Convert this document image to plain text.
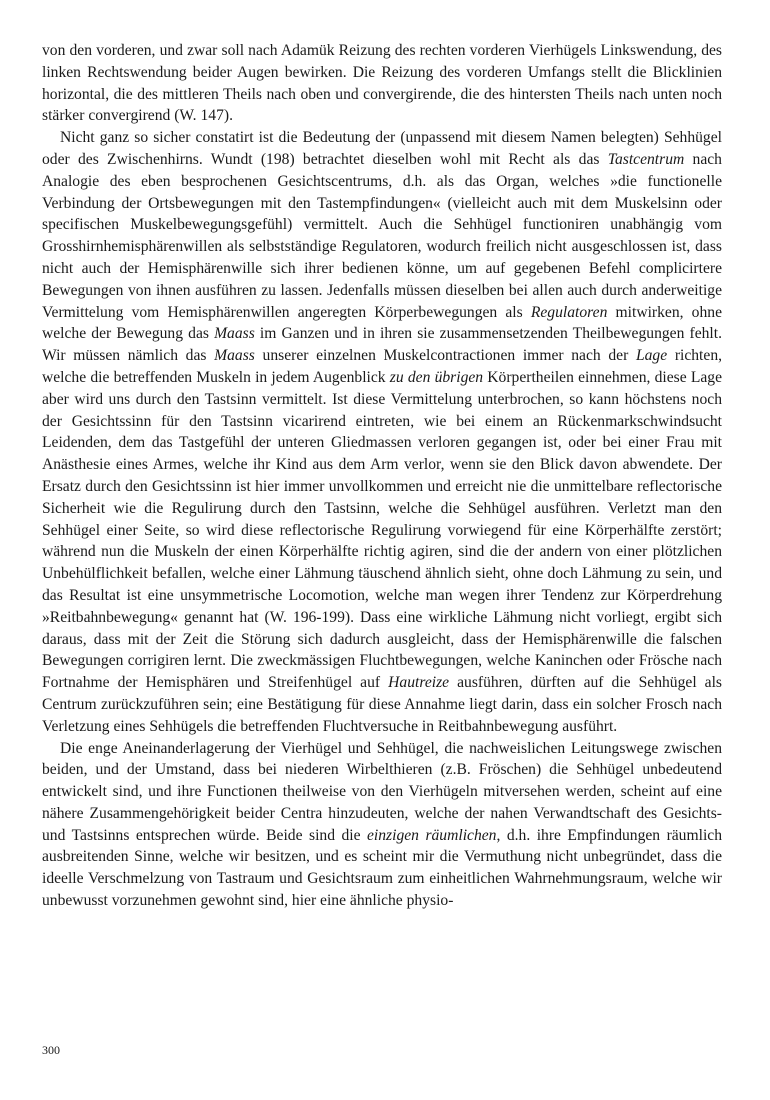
von den vorderen, und zwar soll nach Adamük Reizung des rechten vorderen Vierhügels Linkswendung, des linken Rechtswendung beider Augen bewirken. Die Reizung des vorderen Umfangs stellt die Blicklinien horizontal, die des mittleren Theils nach oben und convergirende, die des hintersten Theils nach unten noch stärker convergirend (W. 147).

Nicht ganz so sicher constatirt ist die Bedeutung der (unpassend mit diesem Namen belegten) Sehhügel oder des Zwischenhirns. Wundt (198) betrachtet dieselben wohl mit Recht als das Tastcentrum nach Analogie des eben besprochenen Gesichtscentrums, d.h. als das Organ, welches »die functionelle Verbindung der Ortsbewegungen mit den Tastempfindungen« (vielleicht auch mit dem Muskelsinn oder specifischen Muskelbewegungsgefühl) vermittelt. Auch die Sehhügel functioniren unabhängig vom Grosshirnhemisphärenwillen als selbstständige Regulatoren, wodurch freilich nicht ausgeschlossen ist, dass nicht auch der Hemisphärenwille sich ihrer bedienen könne, um auf gegebenen Befehl complicirtere Bewegungen von ihnen ausführen zu lassen. Jedenfalls müssen dieselben bei allen auch durch anderweitige Vermittelung vom Hemisphärenwillen angeregten Körperbewegungen als Regulatoren mitwirken, ohne welche der Bewegung das Maass im Ganzen und in ihren sie zusammensetzenden Theilbewegungen fehlt. Wir müssen nämlich das Maass unserer einzelnen Muskelcontractionen immer nach der Lage richten, welche die betreffenden Muskeln in jedem Augenblick zu den übrigen Körpertheilen einnehmen, diese Lage aber wird uns durch den Tastsinn vermittelt. Ist diese Vermittelung unterbrochen, so kann höchstens noch der Gesichtssinn für den Tastsinn vicarirend eintreten, wie bei einem an Rückenmarkschwindsucht Leidenden, dem das Tastgefühl der unteren Gliedmassen verloren gegangen ist, oder bei einer Frau mit Anästhesie eines Armes, welche ihr Kind aus dem Arm verlor, wenn sie den Blick davon abwendete. Der Ersatz durch den Gesichtssinn ist hier immer unvollkommen und erreicht nie die unmittelbare reflectorische Sicherheit wie die Regulirung durch den Tastsinn, welche die Sehhügel ausführen. Verletzt man den Sehhügel einer Seite, so wird diese reflectorische Regulirung vorwiegend für eine Körperhälfte zerstört; während nun die Muskeln der einen Körperhälfte richtig agiren, sind die der andern von einer plötzlichen Unbehülflichkeit befallen, welche einer Lähmung täuschend ähnlich sieht, ohne doch Lähmung zu sein, und das Resultat ist eine unsymmetrische Locomotion, welche man wegen ihrer Tendenz zur Körperdrehung »Reitbahnbewegung« genannt hat (W. 196-199). Dass eine wirkliche Lähmung nicht vorliegt, ergibt sich daraus, dass mit der Zeit die Störung sich dadurch ausgleicht, dass der Hemisphärenwille die falschen Bewegungen corrigiren lernt. Die zweckmässigen Fluchtbewegungen, welche Kaninchen oder Frösche nach Fortnahme der Hemisphären und Streifenhügel auf Hautreize ausführen, dürften auf die Sehhügel als Centrum zurückzuführen sein; eine Bestätigung für diese Annahme liegt darin, dass ein solcher Frosch nach Verletzung eines Sehhügels die betreffenden Fluchtversuche in Reitbahnbewegung ausführt.

Die enge Aneinanderlagerung der Vierhügel und Sehhügel, die nachweislichen Leitungswege zwischen beiden, und der Umstand, dass bei niederen Wirbelthieren (z.B. Fröschen) die Sehhügel unbedeutend entwickelt sind, und ihre Functionen theilweise von den Vierhügeln mitversehen werden, scheint auf eine nähere Zusammengehörigkeit beider Centra hinzudeuten, welche der nahen Verwandtschaft des Gesichts- und Tastsinns entsprechen würde. Beide sind die einzigen räumlichen, d.h. ihre Empfindungen räumlich ausbreitenden Sinne, welche wir besitzen, und es scheint mir die Vermuthung nicht unbegründet, dass die ideelle Verschmelzung von Tastraum und Gesichtsraum zum einheitlichen Wahrnehmungsraum, welche wir unbewusst vorzunehmen gewohnt sind, hier eine ähnliche physio-

300
